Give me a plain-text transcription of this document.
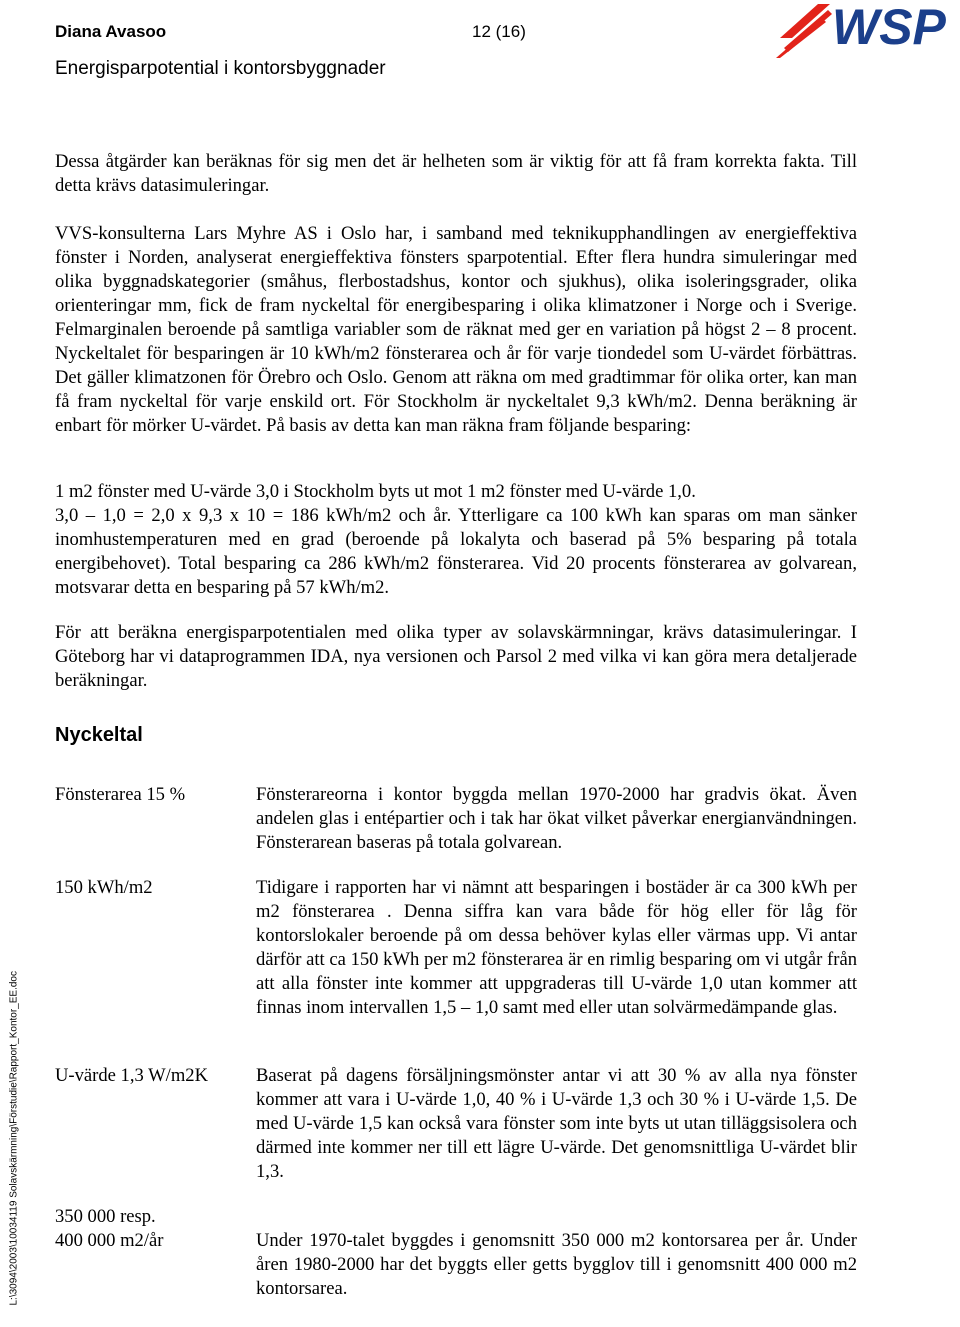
Diana Avasoo	12 (16)
Energisparpotential i kontorsbyggnader
WSP
Dessa åtgärder kan beräknas för sig men det är helheten som är viktig för att få fram korrekta fakta. Till detta krävs datasimuleringar.
VVS-konsulterna Lars Myhre AS i Oslo har, i samband med teknikupphandlingen av energieffektiva fönster i Norden, analyserat energieffektiva fönsters sparpotential. Efter flera hundra simuleringar med olika byggnadskategorier (småhus, flerbostadshus, kontor och sjukhus), olika isoleringsgrader, olika orienteringar mm, fick de fram nyckeltal för energibesparing i olika klimatzoner i Norge och i Sverige. Felmarginalen beroende på samtliga variabler som de räknat med ger en variation på högst 2 – 8 procent. Nyckeltalet för besparingen är 10 kWh/m2 fönsterarea och år för varje tiondedel som U-värdet förbättras. Det gäller klimatzonen för Örebro och Oslo. Genom att räkna om med gradtimmar för olika orter, kan man få fram nyckeltal för varje enskild ort. För Stockholm är nyckeltalet 9,3 kWh/m2. Denna beräkning är enbart för mörker U-värdet. På basis av detta kan man räkna fram följande besparing:
1 m2 fönster med U-värde 3,0 i Stockholm byts ut mot 1 m2 fönster med U-värde 1,0.
3,0 – 1,0 = 2,0 x 9,3 x 10 = 186 kWh/m2 och år. Ytterligare ca 100 kWh kan sparas om man sänker inomhustemperaturen med en grad (beroende på lokalyta och baserad på 5% besparing på totala energibehovet). Total besparing ca 286 kWh/m2 fönsterarea. Vid 20 procents fönsterarea av golvarean, motsvarar detta en besparing på 57 kWh/m2.
För att beräkna energisparpotentialen med olika typer av solavskärmningar, krävs datasimuleringar. I Göteborg har vi dataprogrammen IDA, nya versionen och Parsol 2 med vilka vi kan göra mera detaljerade beräkningar.
Nyckeltal
Fönsterarea 15 %	Fönsterareorna i kontor byggda mellan 1970-2000 har gradvis ökat. Även andelen glas i entépartier och i tak har ökat vilket påverkar energianvändningen. Fönsterarean baseras på totala golvarean.
150 kWh/m2	Tidigare i rapporten har vi nämnt att besparingen i bostäder är ca 300 kWh per m2 fönsterarea . Denna siffra kan vara både för hög eller för låg för kontorslokaler beroende på om dessa behöver kylas eller värmas upp. Vi antar därför att ca 150 kWh per m2 fönsterarea är en rimlig besparing om vi utgår från att alla fönster inte kommer att uppgraderas till U-värde 1,0 utan kommer att finnas inom intervallen 1,5 – 1,0 samt med eller utan solvärmedämpande glas.
U-värde 1,3 W/m2K	Baserat på dagens försäljningsmönster antar vi att 30 % av alla nya fönster kommer att vara i U-värde 1,0, 40 % i U-värde 1,3 och 30 % i U-värde 1,5. De med U-värde 1,5 kan också vara fönster som inte byts ut utan tilläggsisolera och därmed inte kommer ner till ett lägre U-värde. Det genomsnittliga U-värdet blir 1,3.
350 000 resp.
400 000 m2/år	Under 1970-talet byggdes i genomsnitt 350 000 m2 kontorsarea per år. Under åren 1980-2000 har det byggts eller getts bygglov till i genomsnitt 400 000 m2 kontorsarea.
L:\3094\2003\10034119 Solavskärmning\Förstudie\Rapport_Kontor_EE.doc
